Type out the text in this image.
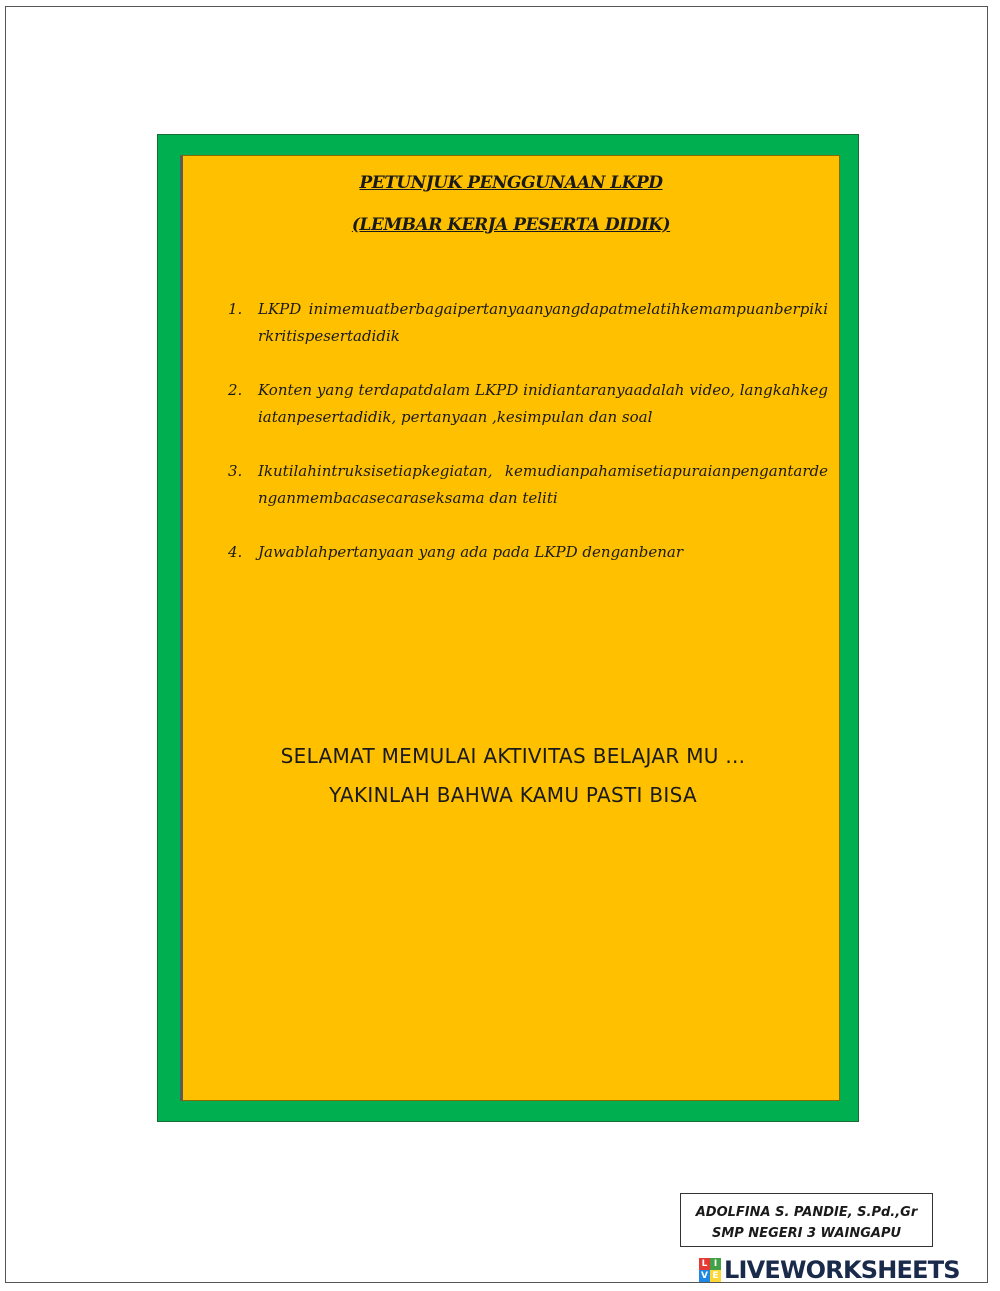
PETUNJUK PENGGUNAAN LKPD
(LEMBAR KERJA PESERTA DIDIK)
1. LKPD inimemuatberbagaipertanyaanyangdapatmelatihkemampuanberpikirkritispesertadidik
2. Konten yang terdapatdalam LKPD inidiantaranyaadalah video, langkahkegiatanpesertadidik, pertanyaan ,kesimpulan dan soal
3. Ikutilahintruksisetiapkegiatan, kemudianpahamisetiapuraianpengantardenganmembacasecaraseksama dan teliti
4. Jawablahpertanyaan yang ada pada LKPD denganbenar
SELAMAT MEMULAI AKTIVITAS BELAJAR MU ...
YAKINLAH BAHWA KAMU PASTI BISA
ADOLFINA S. PANDIE, S.Pd.,Gr
SMP NEGERI 3 WAINGAPU
L I
V E LIVEWORKSHEETS
